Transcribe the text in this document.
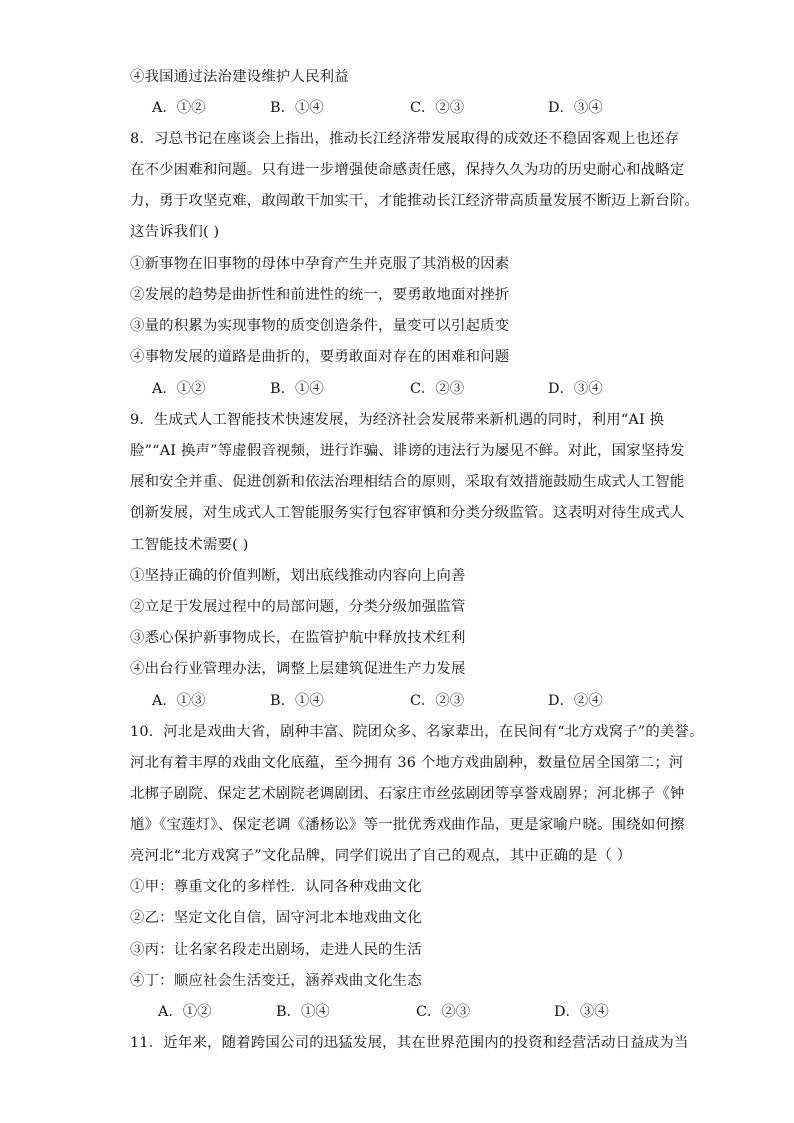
④我国通过法治建设维护人民利益
A．①②	B．①④	C．②③	D．③④
8．习总书记在座谈会上指出，推动长江经济带发展取得的成效还不稳固客观上也还存
在不少困难和问题。只有进一步增强使命感责任感，保持久久为功的历史耐心和战略定
力，勇于攻坚克难，敢闯敢干加实干，才能推动长江经济带高质量发展不断迈上新台阶。
这告诉我们( )
①新事物在旧事物的母体中孕育产生并克服了其消极的因素
②发展的趋势是曲折性和前进性的统一，要勇敢地面对挫折
③量的积累为实现事物的质变创造条件，量变可以引起质变
④事物发展的道路是曲折的，要勇敢面对存在的困难和问题
A．①②	B．①④	C．②③	D．③④
9．生成式人工智能技术快速发展，为经济社会发展带来新机遇的同时，利用“AI 换
脸”“AI 换声”等虚假音视频，进行诈骗、诽谤的违法行为屡见不鲜。对此，国家坚持发
展和安全并重、促进创新和依法治理相结合的原则，采取有效措施鼓励生成式人工智能
创新发展，对生成式人工智能服务实行包容审慎和分类分级监管。这表明对待生成式人
工智能技术需要( )
①坚持正确的价值判断，划出底线推动内容向上向善
②立足于发展过程中的局部问题，分类分级加强监管
③悉心保护新事物成长，在监管护航中释放技术红利
④出台行业管理办法，调整上层建筑促进生产力发展
A．①③	B．①④	C．②③	D．②④
10．河北是戏曲大省，剧种丰富、院团众多、名家辈出，在民间有“北方戏窝子”的美誉。
河北有着丰厚的戏曲文化底蕴，至今拥有 36 个地方戏曲剧种，数量位居全国第二；河
北梆子剧院、保定艺术剧院老调剧团、石家庄市丝弦剧团等享誉戏剧界；河北梆子《钟
馗》《宝莲灯》、保定老调《潘杨讼》等一批优秀戏曲作品，更是家喻户晓。围绕如何擦
亮河北“北方戏窝子”文化品牌，同学们说出了自己的观点，其中正确的是（ ）
①甲：尊重文化的多样性．认同各种戏曲文化
②乙：坚定文化自信，固守河北本地戏曲文化
③丙：让名家名段走出剧场，走进人民的生活
④丁：顺应社会生活变迁，涵养戏曲文化生态
A．①②	B．①④	C．②③	D．③④
11．近年来，随着跨国公司的迅猛发展，其在世界范围内的投资和经营活动日益成为当
